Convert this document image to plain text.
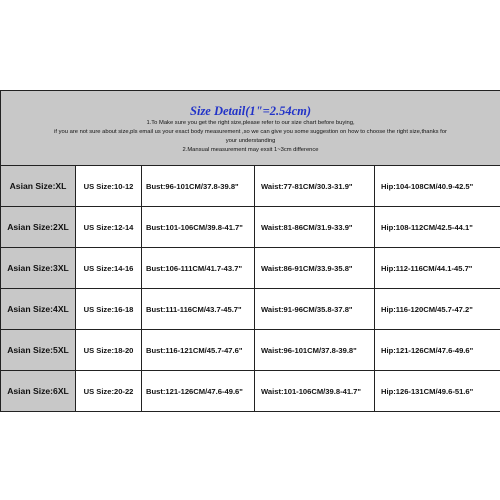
Size Detail(1"=2.54cm)
1.To Make sure you get the right size,please refer to our size chart before buying,
if you are not sure about size,pls email us your exact body measurement ,so we can give you some suggestion on how to choose the right size,thanks for
your understanding
2.Mansual measurement may exsit 1~3cm difference				

Asian Size:XL	US Size:10-12	Bust:96-101CM/37.8-39.8"	Waist:77-81CM/30.3-31.9"	Hip:104-108CM/40.9-42.5"
Asian Size:2XL	US Size:12-14	Bust:101-106CM/39.8-41.7"	Waist:81-86CM/31.9-33.9"	Hip:108-112CM/42.5-44.1"
Asian Size:3XL	US Size:14-16	Bust:106-111CM/41.7-43.7"	Waist:86-91CM/33.9-35.8"	Hip:112-116CM/44.1-45.7"
Asian Size:4XL	US Size:16-18	Bust:111-116CM/43.7-45.7"	Waist:91-96CM/35.8-37.8"	Hip:116-120CM/45.7-47.2"
Asian Size:5XL	US Size:18-20	Bust:116-121CM/45.7-47.6"	Waist:96-101CM/37.8-39.8"	Hip:121-126CM/47.6-49.6"
Asian Size:6XL	US Size:20-22	Bust:121-126CM/47.6-49.6"	Waist:101-106CM/39.8-41.7"	Hip:126-131CM/49.6-51.6"
